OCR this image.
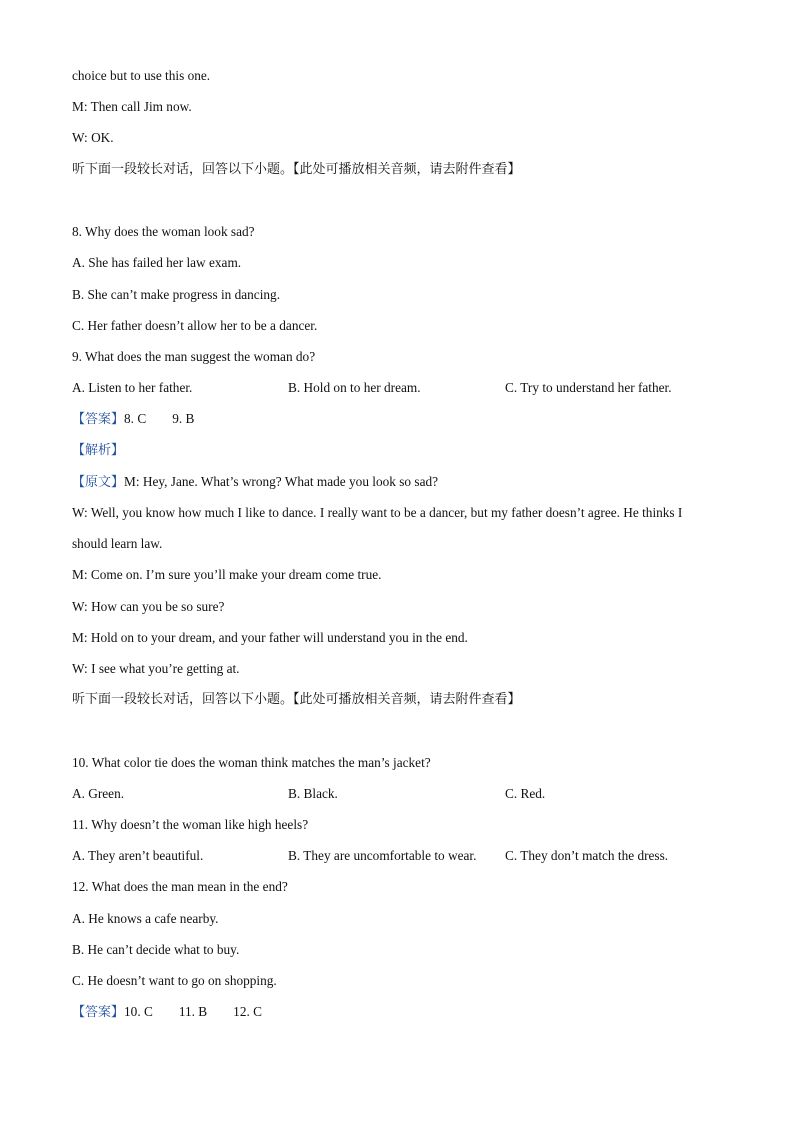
choice but to use this one.
M: Then call Jim now.
W: OK.
听下面一段较长对话，回答以下小题。【此处可播放相关音频，请去附件查看】
8. Why does the woman look sad?
A. She has failed her law exam.
B. She can’t make progress in dancing.
C. Her father doesn’t allow her to be a dancer.
9. What does the man suggest the woman do?
A. Listen to her father.	B. Hold on to her dream.	C. Try to understand her father.
【答案】8. C 9. B
【解析】
【原文】M: Hey, Jane. What’s wrong? What made you look so sad?
W: Well, you know how much I like to dance. I really want to be a dancer, but my father doesn’t agree. He thinks I
should learn law.
M: Come on. I’m sure you’ll make your dream come true.
W: How can you be so sure?
M: Hold on to your dream, and your father will understand you in the end.
W: I see what you’re getting at.
听下面一段较长对话，回答以下小题。【此处可播放相关音频，请去附件查看】
10. What color tie does the woman think matches the man’s jacket?
A. Green.	B. Black.	C. Red.
11. Why doesn’t the woman like high heels?
A. They aren’t beautiful.	B. They are uncomfortable to wear. C. They don’t match the dress.
12. What does the man mean in the end?
A. He knows a cafe nearby.
B. He can’t decide what to buy.
C. He doesn’t want to go on shopping.
【答案】10. C 11. B 12. C
